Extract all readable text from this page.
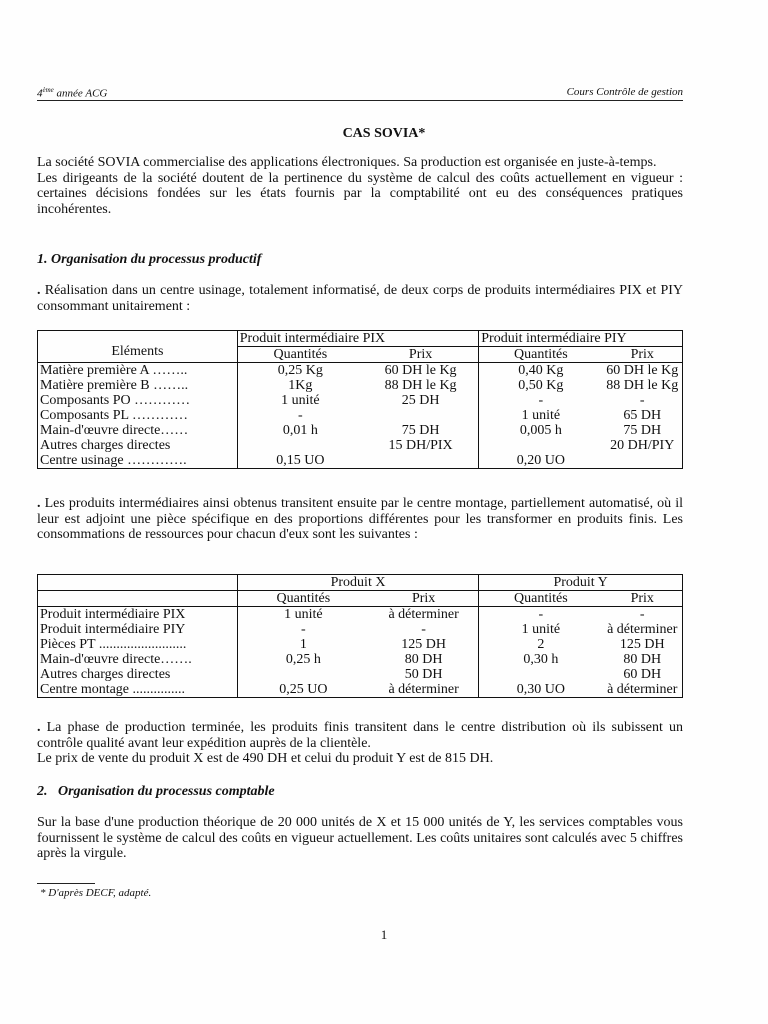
4ème année ACG	Cours Contrôle de gestion
CAS SOVIA*
La société SOVIA commercialise des applications électroniques. Sa production est organisée en juste-à-temps.
Les dirigeants de la société doutent de la pertinence du système de calcul des coûts actuellement en vigueur : certaines décisions fondées sur les états fournis par la comptabilité ont eu des conséquences pratiques incohérentes.
1. Organisation du processus productif
. Réalisation dans un centre usinage, totalement informatisé, de deux corps de produits intermédiaires PIX et PIY consommant unitairement :
Eléments	Produit intermédiaire PIX		Produit intermédiaire PIY	
	Quantités	Prix	Quantités	Prix
Matière première A ……..	0,25 Kg	60 DH le Kg	0,40 Kg	60 DH le Kg
Matière première B ……..	1Kg	88 DH le Kg	0,50 Kg	88 DH le Kg
Composants PO …………	1 unité	25 DH	-	-
Composants PL …………	-		1 unité	65 DH
Main-d'œuvre directe……	0,01 h	75 DH	0,005 h	75 DH
Autres charges directes		15 DH/PIX		20 DH/PIY
Centre usinage ………….	0,15 UO		0,20 UO	
. Les produits intermédiaires ainsi obtenus transitent ensuite par le centre montage, partiellement automatisé, où il leur est adjoint une pièce spécifique en des proportions différentes pour les transformer en produits finis. Les consommations de ressources pour chacun d'eux sont les suivantes :
	Produit X		Produit Y	
	Quantités	Prix	Quantités	Prix
Produit intermédiaire PIX	1 unité	à déterminer	-	-
Produit intermédiaire PIY	-	-	1 unité	à déterminer
Pièces PT .........................	1	125 DH	2	125 DH
Main-d'œuvre directe…….	0,25 h	80 DH	0,30 h	80 DH
Autres charges directes		50 DH		60 DH
Centre montage ...............	0,25 UO	à déterminer	0,30 UO	à déterminer
. La phase de production terminée, les produits finis transitent dans le centre distribution où ils subissent un contrôle qualité avant leur expédition auprès de la clientèle.
Le prix de vente du produit X est de 490 DH et celui du produit Y est de 815 DH.
2. Organisation du processus comptable
Sur la base d'une production théorique de 20 000 unités de X et 15 000 unités de Y, les services comptables vous fournissent le système de calcul des coûts en vigueur actuellement. Les coûts unitaires sont calculés avec 5 chiffres après la virgule.
* D'après DECF, adapté.
1
